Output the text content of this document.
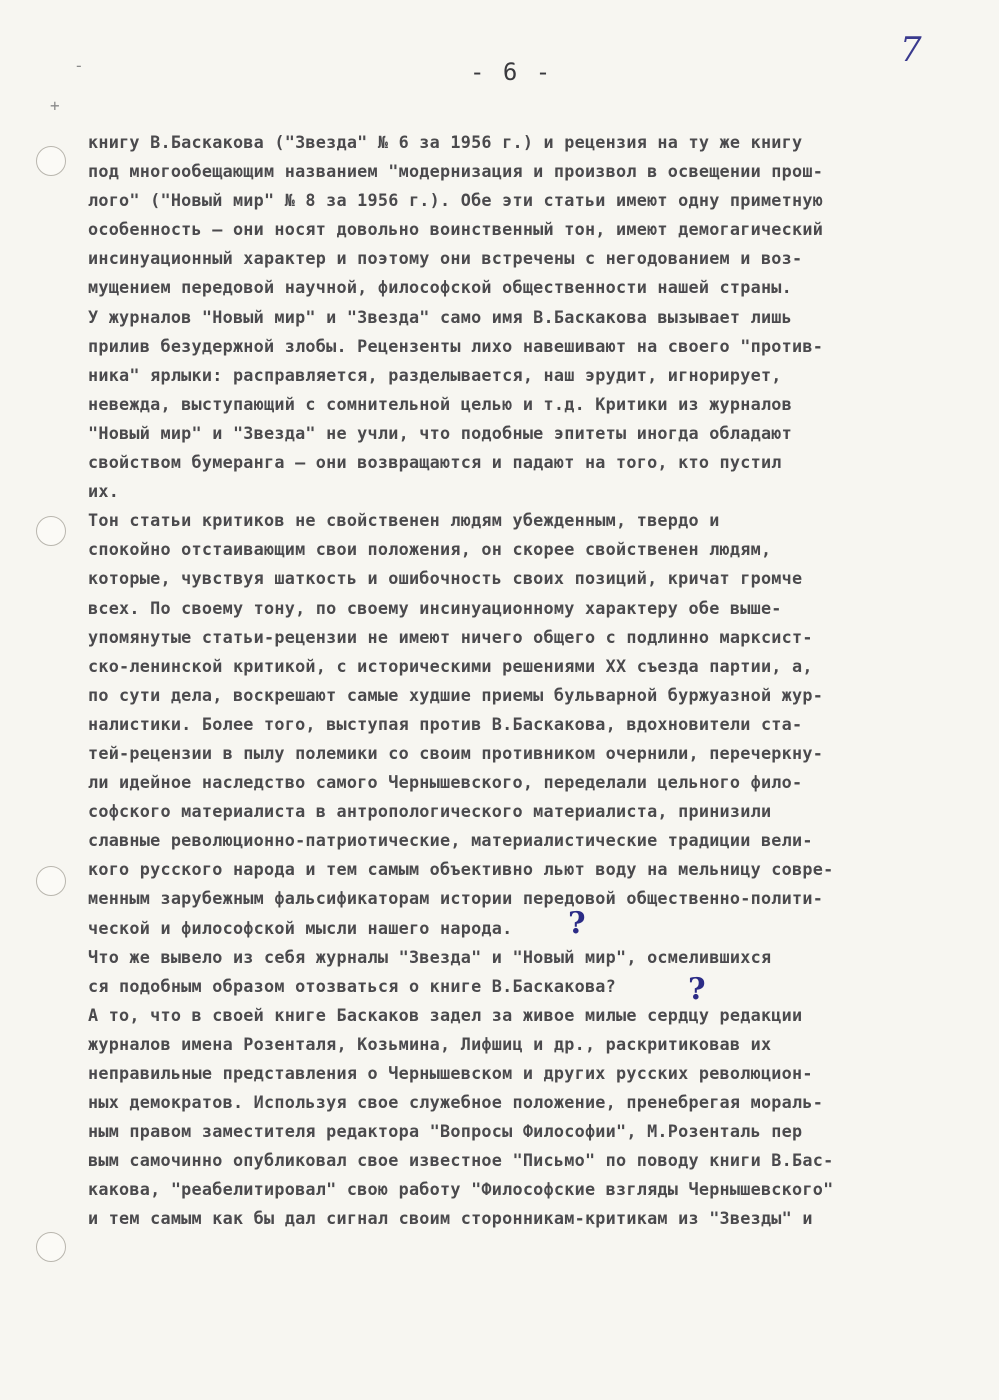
+
-	- 6 -
7
книгу В.Баскакова ("Звезда" № 6 за 1956 г.) и рецензия на ту же книгу
под многообещающим названием "модернизация и произвол в освещении прош-
лого" ("Новый мир" № 8 за 1956 г.). Обе эти статьи имеют одну приметную
особенность – они носят довольно воинственный тон, имеют демогагический
инсинуационный характер и поэтому они встречены с негодованием и воз-
мущением передовой научной, философской общественности нашей страны.
У журналов "Новый мир" и "Звезда" само имя В.Баскакова вызывает лишь
прилив безудержной злобы. Рецензенты лихо навешивают на своего "против-
ника" ярлыки: расправляется, разделывается, наш эрудит, игнорирует,
невежда, выступающий с сомнительной целью и т.д. Критики из журналов
"Новый мир" и "Звезда" не учли, что подобные эпитеты иногда обладают
свойством бумеранга – они возвращаются и падают на того, кто пустил
их.
Тон статьи критиков не свойственен людям убежденным, твердо и
спокойно отстаивающим свои положения, он скорее свойственен людям,
которые, чувствуя шаткость и ошибочность своих позиций, кричат громче
всех. По своему тону, по своему инсинуационному характеру обе выше-
упомянутые статьи-рецензии не имеют ничего общего с подлинно марксист-
ско-ленинской критикой, с историческими решениями XX съезда партии, а,
по сути дела, воскрешают самые худшие приемы бульварной буржуазной жур-
налистики. Более того, выступая против В.Баскакова, вдохновители ста-
тей-рецензии в пылу полемики со своим противником очернили, перечеркну-
ли идейное наследство самого Чернышевского, переделали цельного фило-
софского материалиста в антропологического материалиста, принизили
славные революционно-патриотические, материалистические традиции вели-
кого русского народа и тем самым объективно льют воду на мельницу совре-
менным зарубежным фальсификаторам истории передовой общественно-полити-
ческой и философской мысли нашего народа.
Что же вывело из себя журналы "Звезда" и "Новый мир", осмелившихся
ся подобным образом отозваться о книге В.Баскакова?
А то, что в своей книге Баскаков задел за живое милые сердцу редакции
журналов имена Розенталя, Козьмина, Лифшиц и др., раскритиковав их
неправильные представления о Чернышевском и других русских революцион-
ных демократов. Используя свое служебное положение, пренебрегая мораль-
ным правом заместителя редактора "Вопросы Философии", М.Розенталь пер
вым самочинно опубликовал свое известное "Письмо" по поводу книги В.Бас-
какова, "реабелитировал" свою работу "Философские взгляды Чернышевского"
и тем самым как бы дал сигнал своим сторонникам-критикам из "Звезды" и
?
?
